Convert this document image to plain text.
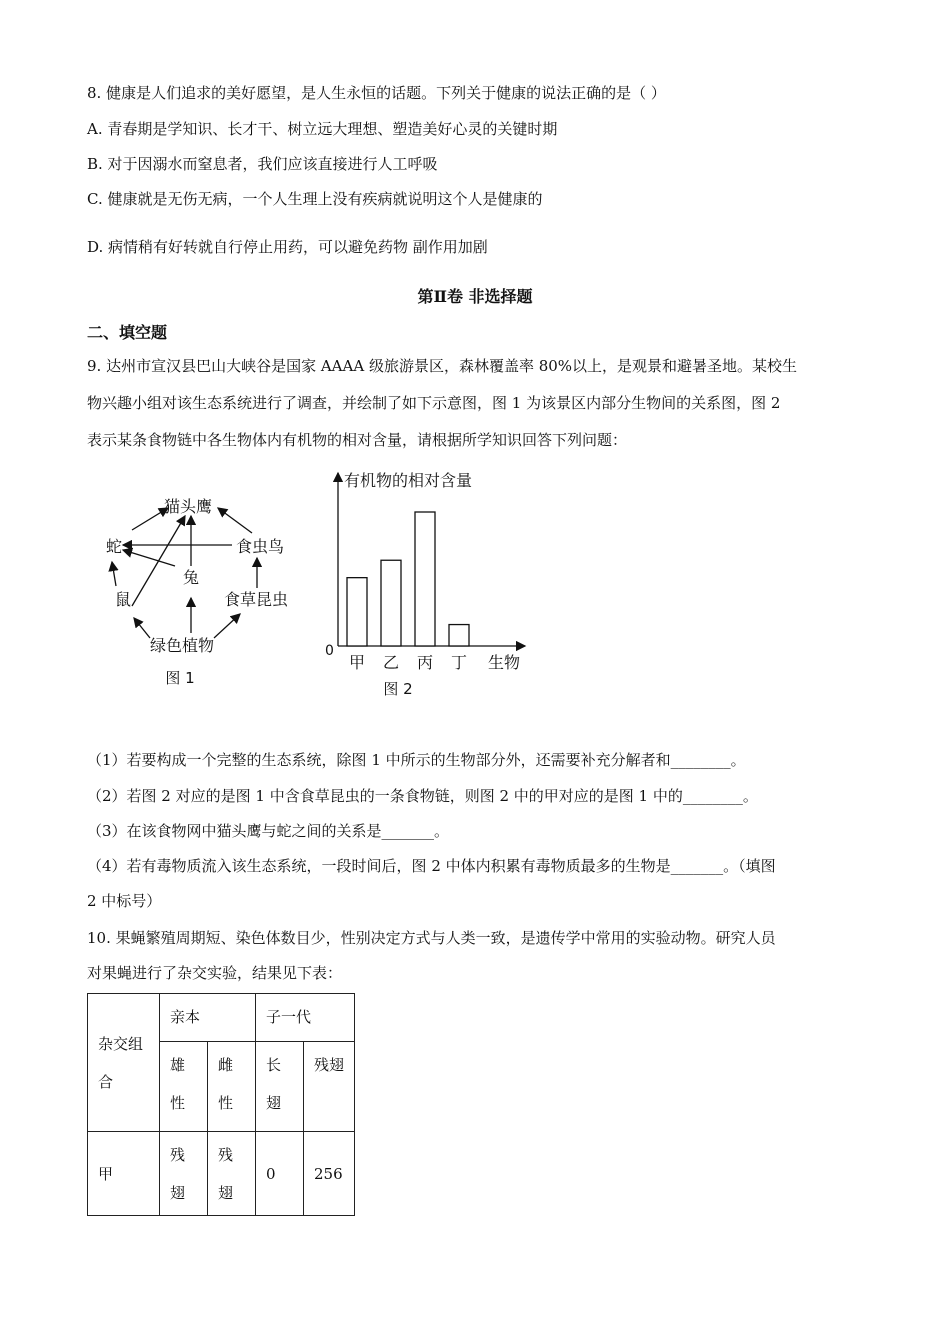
8. 健康是人们追求的美好愿望，是人生永恒的话题。下列关于健康的说法正确的是（ ）
A. 青春期是学知识、长才干、树立远大理想、塑造美好心灵的关键时期
B. 对于因溺水而窒息者，我们应该直接进行人工呼吸
C. 健康就是无伤无病，一个人生理上没有疾病就说明这个人是健康的
D. 病情稍有好转就自行停止用药，可以避免药物 副作用加剧
第Ⅱ卷 非选择题
二、填空题
9. 达州市宣汉县巴山大峡谷是国家 AAAA 级旅游景区，森林覆盖率 80%以上，是观景和避暑圣地。某校生
物兴趣小组对该生态系统进行了调查，并绘制了如下示意图，图 1 为该景区内部分生物间的关系图，图 2
表示某条食物链中各生物体内有机物的相对含量，请根据所学知识回答下列问题：
猫头鹰
蛇	食虫鸟
兔
鼠	食草昆虫
绿色植物
图 1
有机物的相对含量
0
生物
图 2
甲 乙 丙 丁
（1）若要构成一个完整的生态系统，除图 1 中所示的生物部分外，还需要补充分解者和________。
（2）若图 2 对应的是图 1 中含食草昆虫的一条食物链，则图 2 中的甲对应的是图 1 中的________。
（3）在该食物网中猫头鹰与蛇之间的关系是_______。
（4）若有毒物质流入该生态系统，一段时间后，图 2 中体内积累有毒物质最多的生物是_______。（填图
2 中标号）
10. 果蝇繁殖周期短、染色体数目少，性别决定方式与人类一致，是遗传学中常用的实验动物。研究人员
对果蝇进行了杂交实验，结果见下表：
杂交组合	亲本		子一代	
	雄性	雌性	长翅	残翅
甲	残翅	残翅	0	256
